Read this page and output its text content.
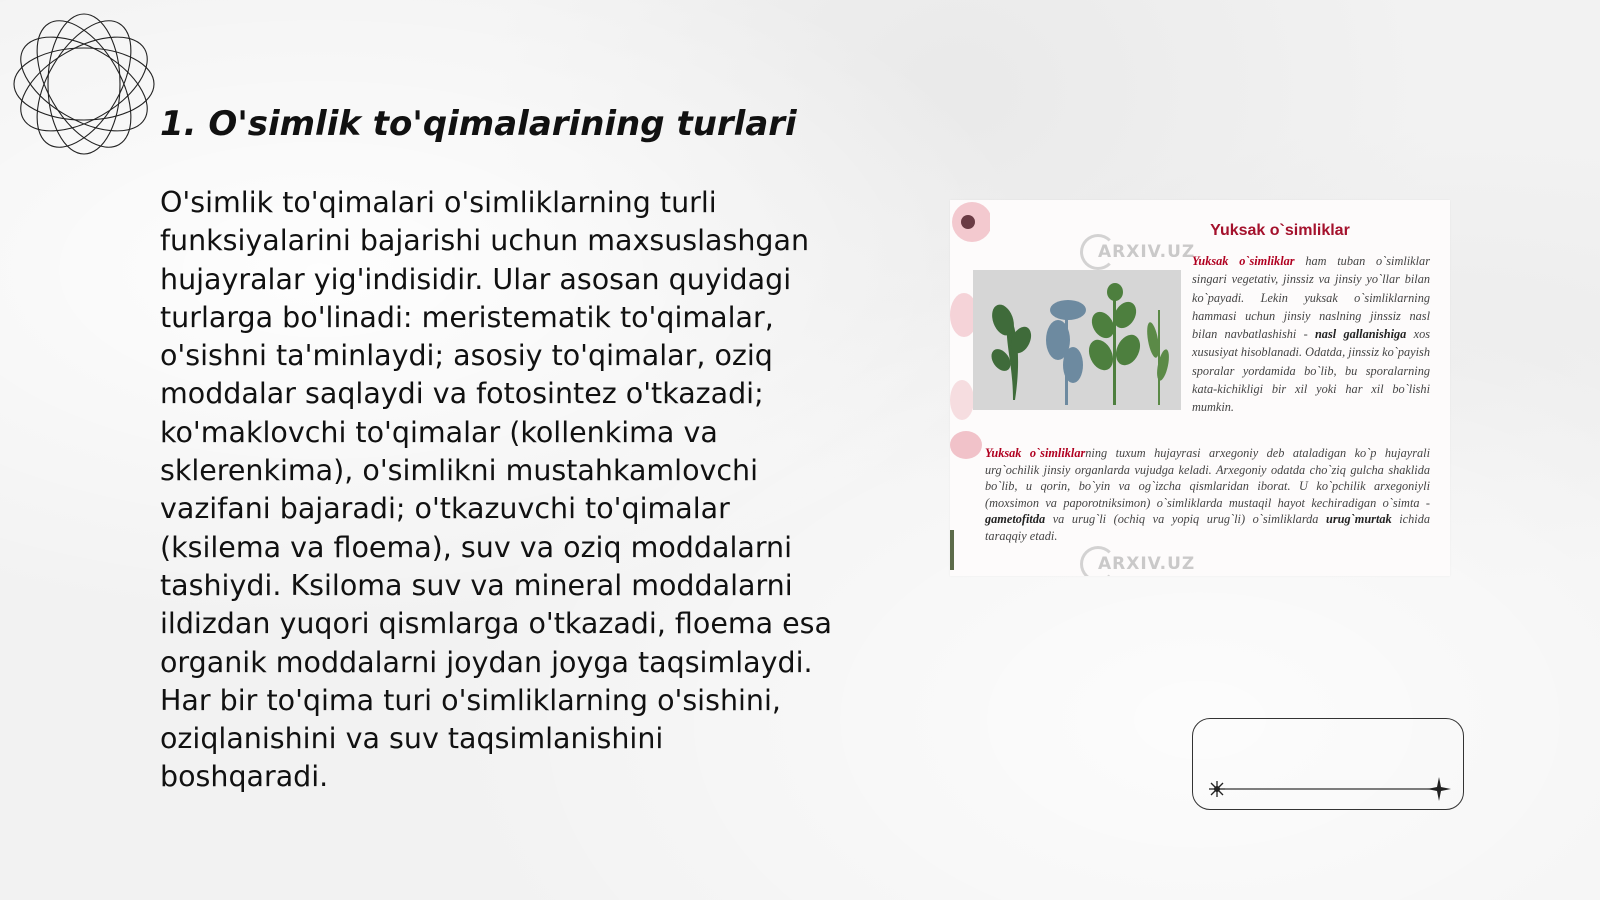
1. O'simlik to'qimalarining turlari

O'simlik to'qimalari o'simliklarning turli funksiyalarini bajarishi uchun maxsuslashgan hujayralar yig'indisidir. Ular asosan quyidagi turlarga bo'linadi: meristematik to'qimalar, o'sishni ta'minlaydi; asosiy to'qimalar, oziq moddalar saqlaydi va fotosintez o'tkazadi; ko'maklovchi to'qimalar (kollenkima va sklerenkima), o'simlikni mustahkamlovchi vazifani bajaradi; o'tkazuvchi to'qimalar (ksilema va floema), suv va oziq moddalarni tashiydi. Ksiloma suv va mineral moddalarni ildizdan yuqori qismlarga o'tkazadi, floema esa organik moddalarni joydan joyga taqsimlaydi. Har bir to'qima turi o'simliklarning o'sishini, oziqlanishini va suv taqsimlanishini boshqaradi.

Yuksak o`simliklar
Yuksak o`simliklar ham tuban o`simliklar singari vegetativ, jinssiz va jinsiy yo`llar bilan ko`payadi. Lekin yuksak o`simliklarning hammasi uchun jinsiy naslning jinssiz nasl bilan navbatlashishi - nasl gallanishiga xos xususiyat hisoblanadi. Odatda, jinssiz ko`payish sporalar yordamida bo`lib, bu sporalarning kata-kichikligi bir xil yoki har xil bo`lishi mumkin.
Yuksak o`simliklarning tuxum hujayrasi arxegoniy deb ataladigan ko`p hujayrali urg`ochilik jinsiy organlarda vujudga keladi. Arxegoniy odatda cho`ziq gulcha shaklida bo`lib, u qorin, bo`yin va og`izcha qismlaridan iborat. U ko`pchilik arxegoniyli (moxsimon va paporotniksimon) o`simliklarda mustaqil hayot kechiradigan o`simta - gametofitda va urug`li (ochiq va yopiq urug`li) o`simliklarda urug`murtak ichida taraqqiy etadi.
ARXIV.UZ
ARXIV.UZ
